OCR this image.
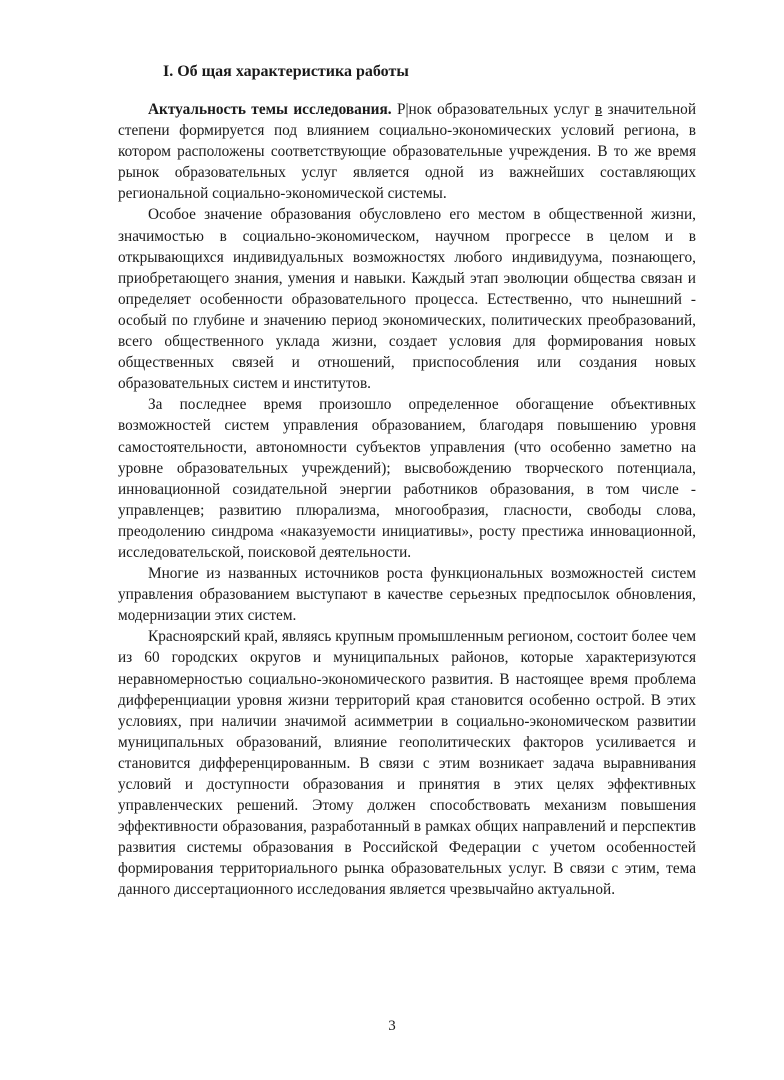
I. Об щая характеристика работы

Актуальность темы исследования. Р|нок образовательных услуг в значительной степени формируется под влиянием социально-экономических условий региона, в котором расположены соответствующие образовательные учреждения. В то же время рынок образовательных услуг является одной из важнейших составляющих региональной социально-экономической системы.

Особое значение образования обусловлено его местом в общественной жизни, значимостью в социально-экономическом, научном прогрессе в целом и в открывающихся индивидуальных возможностях любого индивидуума, познающего, приобретающего знания, умения и навыки. Каждый этап эволюции общества связан и определяет особенности образовательного процесса. Естественно, что нынешний - особый по глубине и значению период экономических, политических преобразований, всего общественного уклада жизни, создает условия для формирования новых общественных связей и отношений, приспособления или создания новых образовательных систем и институтов.

За последнее время произошло определенное обогащение объективных возможностей систем управления образованием, благодаря повышению уровня самостоятельности, автономности субъектов управления (что особенно заметно на уровне образовательных учреждений); высвобождению творческого потенциала, инновационной созидательной энергии работников образования, в том числе - управленцев; развитию плюрализма, многообразия, гласности, свободы слова, преодолению синдрома «наказуемости инициативы», росту престижа инновационной, исследовательской, поисковой деятельности.

Многие из названных источников роста функциональных возможностей систем управления образованием выступают в качестве серьезных предпосылок обновления, модернизации этих систем.

Красноярский край, являясь крупным промышленным регионом, состоит более чем из 60 городских округов и муниципальных районов, которые характеризуются неравномерностью социально-экономического развития. В настоящее время проблема дифференциации уровня жизни территорий края становится особенно острой. В этих условиях, при наличии значимой асимметрии в социально-экономическом развитии муниципальных образований, влияние геополитических факторов усиливается и становится дифференцированным. В связи с этим возникает задача выравнивания условий и доступности образования и принятия в этих целях эффективных управленческих решений. Этому должен способствовать механизм повышения эффективности образования, разработанный в рамках общих направлений и перспектив развития системы образования в Российской Федерации с учетом особенностей формирования территориального рынка образовательных услуг. В связи с этим, тема данного диссертационного исследования является чрезвычайно актуальной.

3
